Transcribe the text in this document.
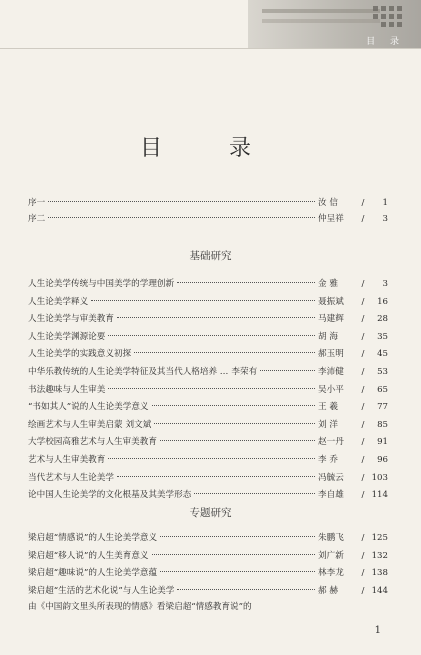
目 录
目 录
序一	汝 信	/	1
序二	仲呈祥	/	3
基础研究
人生论美学传统与中国美学的学理创新	金 雅	/	3
人生论美学释义	聂振斌	/	16
人生论美学与审美教育	马建辉	/	28
人生论美学渊源论要	胡 海	/	35
人生论美学的实践意义初探	郝玉明	/	45
中华乐教传统的人生论美学特征及其当代人格培养 … 李荣有	李沛健	/	53
书法趣味与人生审美	吴小平	/	65
“书如其人”说的人生论美学意义	王 羲	/	77
绘画艺术与人生审美启蒙 刘文斌	刘 洋	/	85
大学校园高雅艺术与人生审美教育	赵一丹	/	91
艺术与人生审美教育	李 乔	/	96
当代艺术与人生论美学	冯毓云	/ 103
论中国人生论美学的文化根基及其美学形态	李自雄	/ 114
专题研究
梁启超“情感说”的人生论美学意义	朱鹏飞	/ 125
梁启超“移人说”的人生美育意义	刘广新	/ 132
梁启超“趣味说”的人生论美学意蕴	林李龙	/ 138
梁启超“生活的艺术化说”与人生论美学	郝 赫	/ 144
由《中国韵文里头所表现的情感》看梁启超“情感教育说”的
1
